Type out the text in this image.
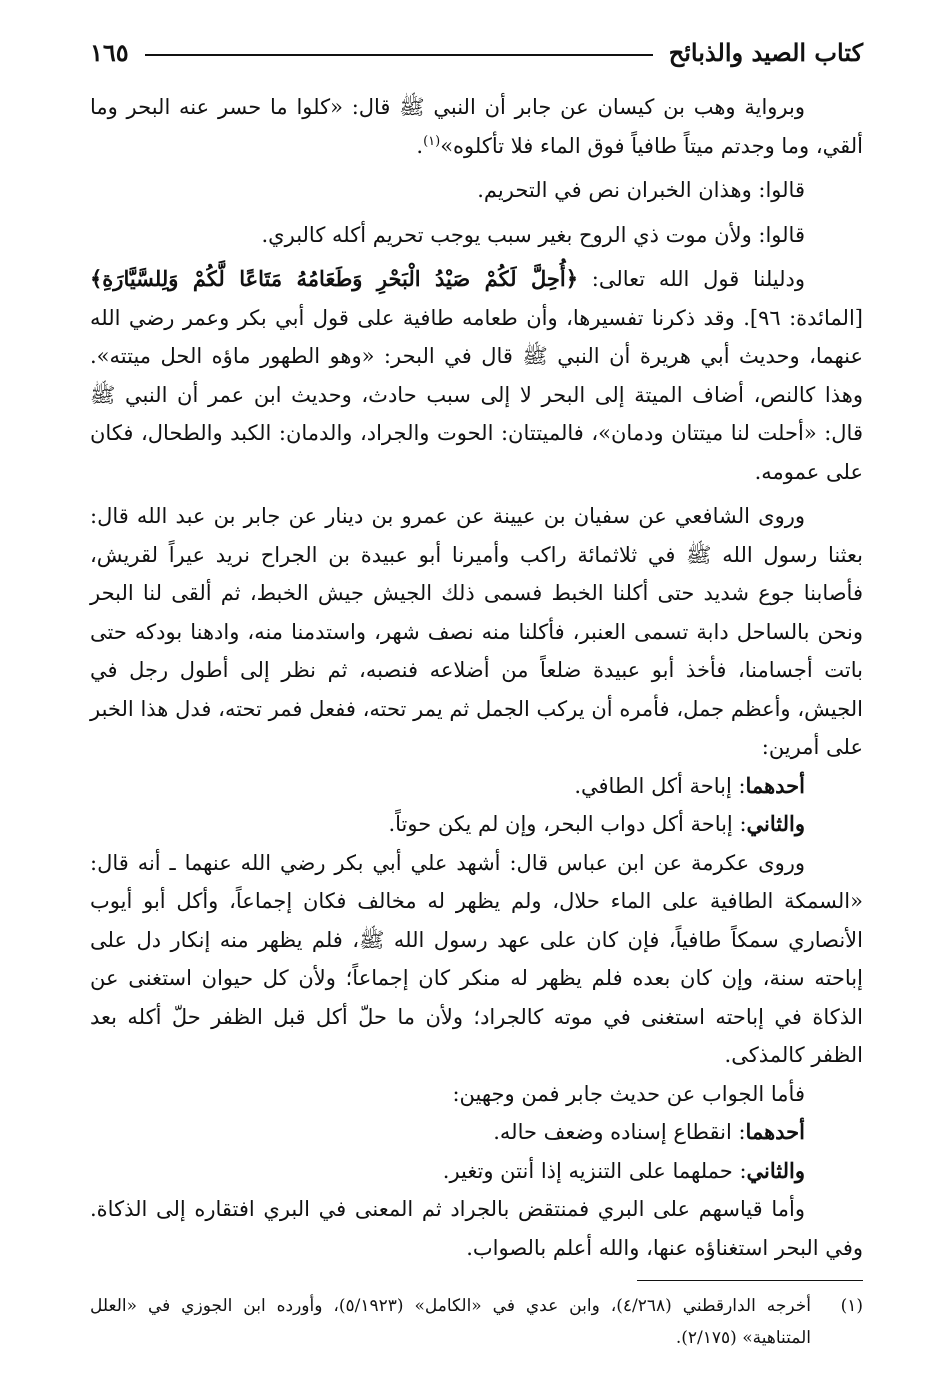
كتاب الصيد والذبائح
١٦٥

وبرواية وهب بن كيسان عن جابر أن النبي ﷺ قال: «كلوا ما حسر عنه البحر وما ألقي، وما وجدتم ميتاً طافياً فوق الماء فلا تأكلوه»$^{(١)}$.

قالوا: وهذان الخبران نص في التحريم.

قالوا: ولأن موت ذي الروح بغير سبب يوجب تحريم أكله كالبري.

ودليلنا قول الله تعالى: ﴿أُحِلَّ لَكُمْ صَيْدُ الْبَحْرِ وَطَعَامُهُ مَتَاعًا لَّكُمْ وَلِلسَّيَّارَةِ﴾ [المائدة: ٩٦]. وقد ذكرنا تفسيرها، وأن طعامه طافية على قول أبي بكر وعمر رضي الله عنهما، وحديث أبي هريرة أن النبي ﷺ قال في البحر: «وهو الطهور ماؤه الحل ميتته». وهذا كالنص، أضاف الميتة إلى البحر لا إلى سبب حادث، وحديث ابن عمر أن النبي ﷺ قال: «أحلت لنا ميتتان ودمان»، فالميتتان: الحوت والجراد، والدمان: الكبد والطحال، فكان على عمومه.

وروى الشافعي عن سفيان بن عيينة عن عمرو بن دينار عن جابر بن عبد الله قال: بعثنا رسول الله ﷺ في ثلاثمائة راكب وأميرنا أبو عبيدة بن الجراح نريد عيراً لقريش، فأصابنا جوع شديد حتى أكلنا الخبط فسمى ذلك الجيش جيش الخبط، ثم ألقى لنا البحر ونحن بالساحل دابة تسمى العنبر، فأكلنا منه نصف شهر، واستدمنا منه، وادهنا بودكه حتى باتت أجسامنا، فأخذ أبو عبيدة ضلعاً من أضلاعه فنصبه، ثم نظر إلى أطول رجل في الجيش، وأعظم جمل، فأمره أن يركب الجمل ثم يمر تحته، ففعل فمر تحته، فدل هذا الخبر على أمرين:

أحدهما: إباحة أكل الطافي.

والثاني: إباحة أكل دواب البحر، وإن لم يكن حوتاً.

وروى عكرمة عن ابن عباس قال: أشهد علي أبي بكر رضي الله عنهما ـ أنه قال: «السمكة الطافية على الماء حلال، ولم يظهر له مخالف فكان إجماعاً، وأكل أبو أيوب الأنصاري سمكاً طافياً، فإن كان على عهد رسول الله ﷺ، فلم يظهر منه إنكار دل على إباحته سنة، وإن كان بعده فلم يظهر له منكر كان إجماعاً؛ ولأن كل حيوان استغنى عن الذكاة في إباحته استغنى في موته كالجراد؛ ولأن ما حلّ أكل قبل الظفر حلّ أكله بعد الظفر كالمذكى.

فأما الجواب عن حديث جابر فمن وجهين:

أحدهما: انقطاع إسناده وضعف حاله.

والثاني: حملهما على التنزيه إذا أنتن وتغير.

وأما قياسهم على البري فمنتقض بالجراد ثم المعنى في البري افتقاره إلى الذكاة. وفي البحر استغناؤه عنها، والله أعلم بالصواب.

(١)
أخرجه الدارقطني (٤/٢٦٨)، وابن عدي في «الكامل» (٥/١٩٢٣)، وأورده ابن الجوزي في «العلل المتناهية» (٢/١٧٥).
